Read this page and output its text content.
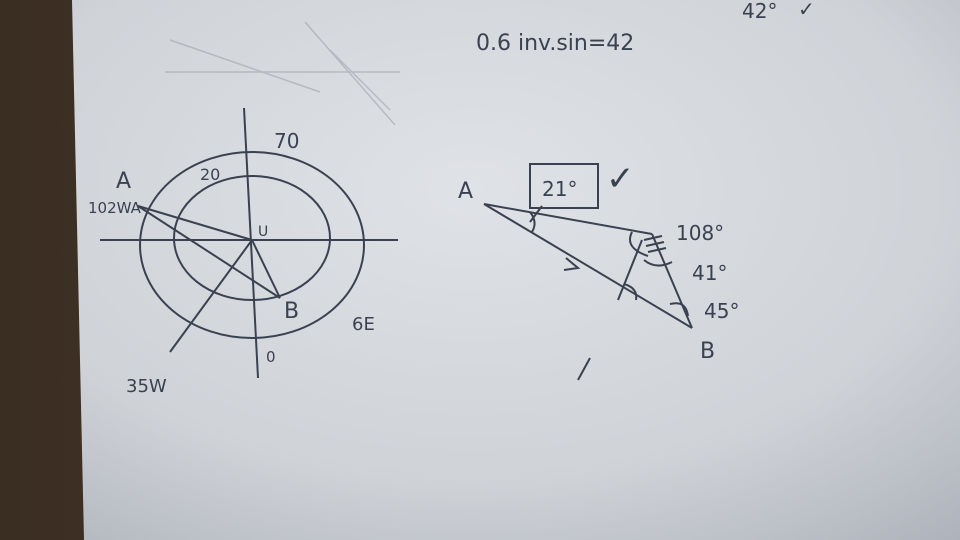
0.6 inv.sin=42
42° ✓
A
B
U
20
70
102WA
35W
6E
0
21° ✓
A
B
108°
41°
45°
